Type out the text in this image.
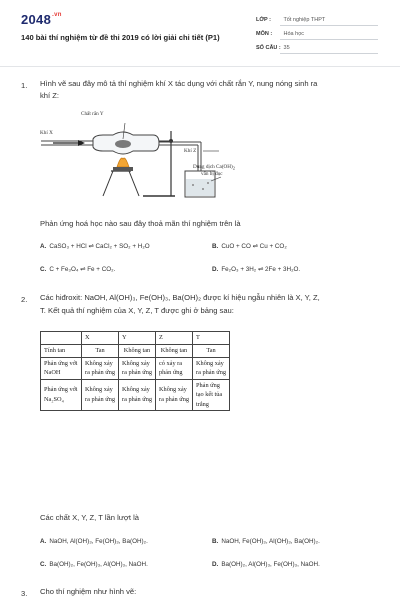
$2048^{.vn}$
140 bài thí nghiệm từ đề thi 2019 có lời giải chi tiết (P1)
LỚP : Tốt nghiệp THPT
MÔN : Hóa học
SỐ CÂU : 35
1. Hình vẽ sau đây mô tả thí nghiệm khí X tác dụng với chất rắn Y, nung nóng sinh ra
khí Z:
Chất rắn Y
Khí X
Khí Z
Dung dịch $Ca(OH)_2$
vẩn bị đục
Phản ứng hoá học nào sau đây thoả mãn thí nghiệm trên là
A. CaSO₃ + HCl ⇌ CaCl₂ + SO₂ + H₂O	B. CuO + CO ⇌ Cu + CO₂
C. C + Fe₃O₄ ⇌ Fe + CO₂.	D. Fe₂O₃ + 3H₂ ⇌ 2Fe + 3H₂O.
2. Các hiđroxit: NaOH, Al(OH)₃, Fe(OH)₃, Ba(OH)₂ được kí hiệu ngẫu nhiên là X, Y, Z,
T. Kết quả thí nghiệm của X, Y, Z, T được ghi ở bảng sau:
	X	Y	Z	T
Tính tan	Tan	Không tan	Không tan	Tan
Phản ứng với NaOH	Không xảy ra phản ứng	Không xảy ra phản ứng	có xảy ra phản ứng	Không xảy ra phản ứng
Phản ứng với Na₂SO₄	Không xảy ra phản ứng	Không xảy ra phản ứng	Không xảy ra phản ứng	Phản ứng tạo kết tủa trắng
Các chất X, Y, Z, T lần lượt là
A. NaOH, Al(OH)₃, Fe(OH)₃, Ba(OH)₂.	B. NaOH, Fe(OH)₃, Al(OH)₃, Ba(OH)₂.
C. Ba(OH)₂, Fe(OH)₃, Al(OH)₃, NaOH.	D. Ba(OH)₂, Al(OH)₃, Fe(OH)₃, NaOH.
3. Cho thí nghiệm như hình vẽ:
